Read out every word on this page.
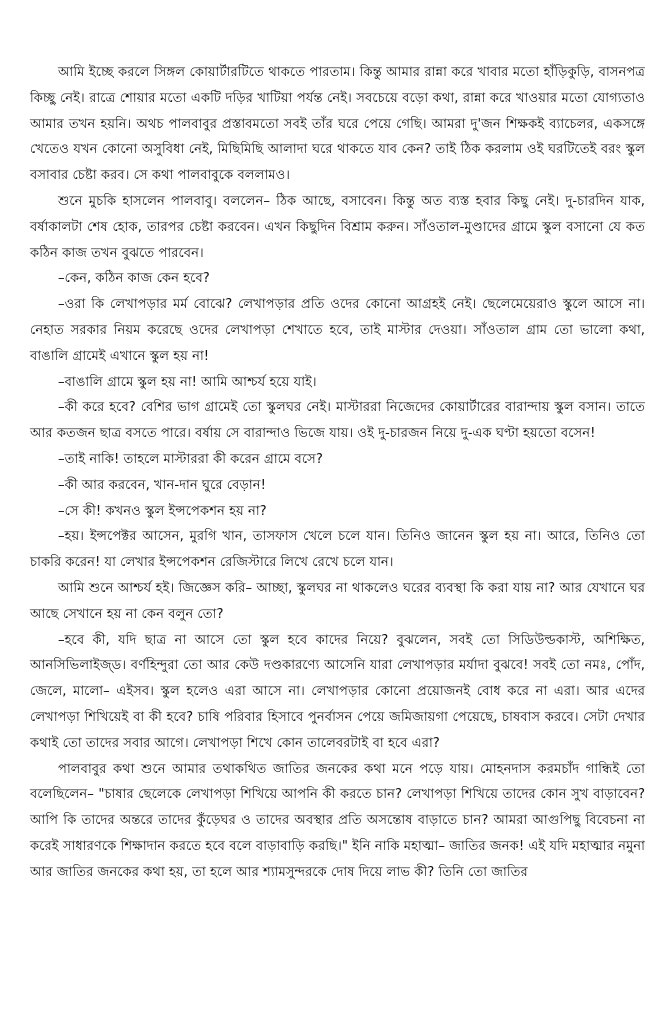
আমি ইচ্ছে করলে সিঙ্গল কোয়ার্টারটিতে থাকতে পারতাম। কিন্তু আমার রান্না করে খাবার মতো হাঁড়িকুড়ি, বাসনপত্র কিচ্ছু নেই। রাত্রে শোয়ার মতো একটি দড়ির খাটিয়া পর্যন্ত নেই। সবচেয়ে বড়ো কথা, রান্না করে খাওয়ার মতো যোগ্যতাও আমার তখন হয়নি। অথচ পালবাবুর প্রস্তাবমতো সবই তাঁর ঘরে পেয়ে গেছি। আমরা দু'জন শিক্ষকই ব্যাচেলর, একসঙ্গে খেতেও যখন কোনো অসুবিধা নেই, মিছিমিছি আলাদা ঘরে থাকতে যাব কেন? তাই ঠিক করলাম ওই ঘরটিতেই বরং স্কুল বসাবার চেষ্টা করব। সে কথা পালবাবুকে বললামও।

শুনে মুচকি হাসলেন পালবাবু। বললেন– ঠিক আছে, বসাবেন। কিন্তু অত ব্যস্ত হবার কিছু নেই। দু-চারদিন যাক, বর্ষাকালটা শেষ হোক, তারপর চেষ্টা করবেন। এখন কিছুদিন বিশ্রাম করুন। সাঁওতাল-মুণ্ডাদের গ্রামে স্কুল বসানো যে কত কঠিন কাজ তখন বুঝতে পারবেন।

–কেন, কঠিন কাজ কেন হবে?

–ওরা কি লেখাপড়ার মর্ম বোঝে? লেখাপড়ার প্রতি ওদের কোনো আগ্রহই নেই। ছেলেমেয়েরাও স্কুলে আসে না। নেহাত সরকার নিয়ম করেছে ওদের লেখাপড়া শেখাতে হবে, তাই মাস্টার দেওয়া। সাঁওতাল গ্রাম তো ভালো কথা, বাঙালি গ্রামেই এখানে স্কুল হয় না!

–বাঙালি গ্রামে স্কুল হয় না! আমি আশ্চর্য হয়ে যাই।

–কী করে হবে? বেশির ভাগ গ্রামেই তো স্কুলঘর নেই। মাস্টাররা নিজেদের কোয়ার্টারের বারান্দায় স্কুল বসান। তাতে আর কতজন ছাত্র বসতে পারে। বর্ষায় সে বারান্দাও ভিজে যায়। ওই দু-চারজন নিয়ে দু-এক ঘণ্টা হয়তো বসেন!

–তাই নাকি! তাহলে মাস্টাররা কী করেন গ্রামে বসে?

–কী আর করবেন, খান-দান ঘুরে বেড়ান!

–সে কী! কখনও স্কুল ইন্সপেকশন হয় না?

–হয়। ইন্সপেক্টর আসেন, মুরগি খান, তাসফাস খেলে চলে যান। তিনিও জানেন স্কুল হয় না। আরে, তিনিও তো চাকরি করেন! যা লেখার ইন্সপেকশন রেজিস্টারে লিখে রেখে চলে যান।

আমি শুনে আশ্চর্য হই। জিজ্ঞেস করি– আচ্ছা, স্কুলঘর না থাকলেও ঘরের ব্যবস্থা কি করা যায় না? আর যেখানে ঘর আছে সেখানে হয় না কেন বলুন তো?

–হবে কী, যদি ছাত্র না আসে তো স্কুল হবে কাদের নিয়ে? বুঝলেন, সবই তো সিডিউল্ডকাস্ট, অশিক্ষিত, আনসিভিলাইজ্ড। বর্ণহিন্দুরা তো আর কেউ দণ্ডকারণ্যে আসেনি যারা লেখাপড়ার মর্যাদা বুঝবে! সবই তো নমঃ, পোঁদ, জেলে, মালো– এইসব। স্কুল হলেও এরা আসে না। লেখাপড়ার কোনো প্রয়োজনই বোধ করে না এরা। আর এদের লেখাপড়া শিখিয়েই বা কী হবে? চাষি পরিবার হিসাবে পুনর্বাসন পেয়ে জমিজায়গা পেয়েছে, চাষবাস করবে। সেটা দেখার কথাই তো তাদের সবার আগে। লেখাপড়া শিখে কোন তালেবরটাই বা হবে এরা?

পালবাবুর কথা শুনে আমার তথাকথিত জাতির জনকের কথা মনে পড়ে যায়। মোহনদাস করমচাঁদ গান্ধিই তো বলেছিলেন– "চাষার ছেলেকে লেখাপড়া শিখিয়ে আপনি কী করতে চান? লেখাপড়া শিখিয়ে তাদের কোন সুখ বাড়াবেন? আপি কি তাদের অন্তরে তাদের কুঁড়েঘর ও তাদের অবস্থার প্রতি অসন্তোষ বাড়াতে চান? আমরা আগুপিছু বিবেচনা না করেই সাধারণকে শিক্ষাদান করতে হবে বলে বাড়াবাড়ি করছি।" ইনি নাকি মহাত্মা– জাতির জনক! এই যদি মহাত্মার নমুনা আর জাতির জনকের কথা হয়, তা হলে আর শ্যামসুন্দরকে দোষ দিয়ে লাভ কী? তিনি তো জাতির
